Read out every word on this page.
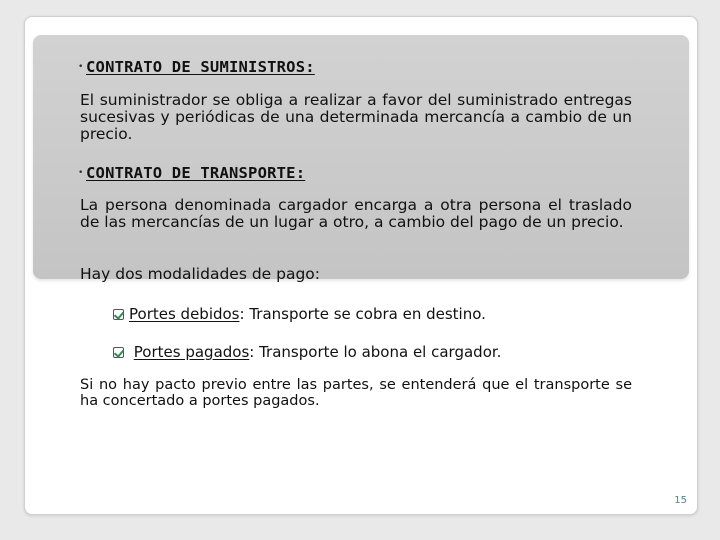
• CONTRATO DE SUMINISTROS:
El suministrador se obliga a realizar a favor del suministrado entregas sucesivas y periódicas de una determinada mercancía a cambio de un precio.
• CONTRATO DE TRANSPORTE:
La persona denominada cargador encarga a otra persona el traslado de las mercancías de un lugar a otro, a cambio del pago de un precio.
Hay dos modalidades de pago:
Portes debidos: Transporte se cobra en destino.
Portes pagados: Transporte lo abona el cargador.
Si no hay pacto previo entre las partes, se entenderá que el transporte se ha concertado a portes pagados.
15
